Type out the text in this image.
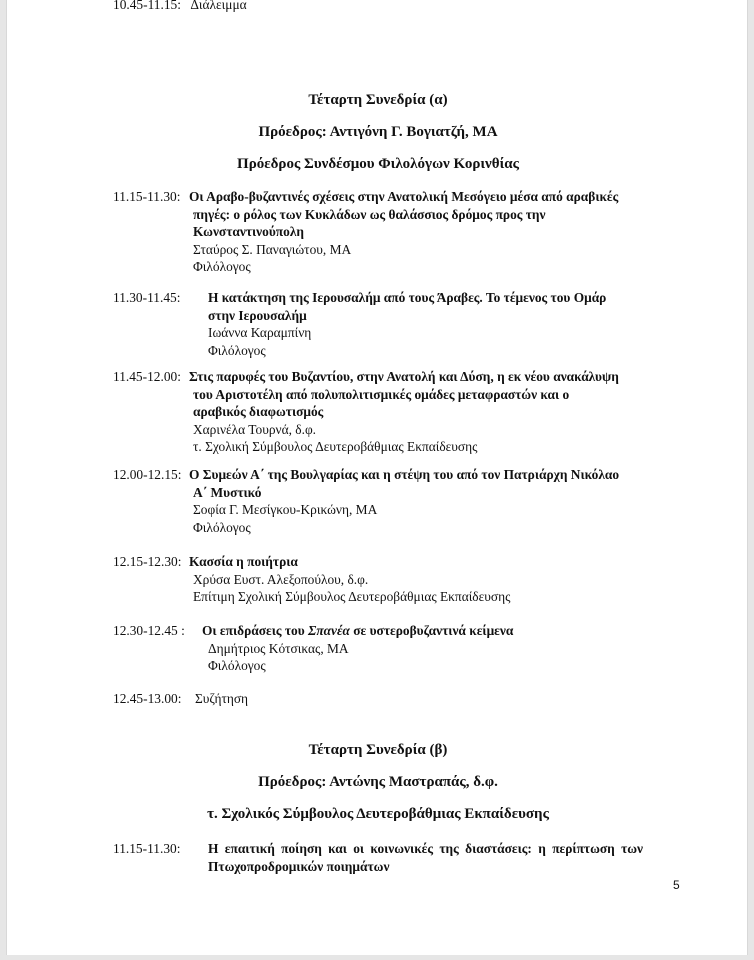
10.45-11.15: Διάλειμμα
Τέταρτη Συνεδρία (α)
Πρόεδρος: Αντιγόνη Γ. Βογιατζή, ΜΑ
Πρόεδρος Συνδέσμου Φιλολόγων Κορινθίας
11.15-11.30: Οι Αραβο-βυζαντινές σχέσεις στην Ανατολική Μεσόγειο μέσα από αραβικές
πηγές: ο ρόλος των Κυκλάδων ως θαλάσσιος δρόμος προς την
Κωνσταντινούπολη
Σταύρος Σ. Παναγιώτου, ΜΑ
Φιλόλογος
11.30-11.45: Η κατάκτηση της Ιερουσαλήμ από τους Άραβες. Το τέμενος του Ομάρ
στην Ιερουσαλήμ
Ιωάννα Καραμπίνη
Φιλόλογος
11.45-12.00: Στις παρυφές του Βυζαντίου, στην Ανατολή και Δύση, η εκ νέου ανακάλυψη
του Αριστοτέλη από πολυπολιτισμικές ομάδες μεταφραστών και ο
αραβικός διαφωτισμός
Χαρινέλα Τουρνά, δ.φ.
τ. Σχολική Σύμβουλος Δευτεροβάθμιας Εκπαίδευσης
12.00-12.15: Ο Συμεών Α΄ της Βουλγαρίας και η στέψη του από τον Πατριάρχη Νικόλαο
Α΄ Μυστικό
Σοφία Γ. Μεσίγκου-Κρικώνη, ΜΑ
Φιλόλογος
12.15-12.30: Κασσία η ποιήτρια
Χρύσα Ευστ. Αλεξοπούλου, δ.φ.
Επίτιμη Σχολική Σύμβουλος Δευτεροβάθμιας Εκπαίδευσης
12.30-12.45 : Οι επιδράσεις του Σπανέα σε υστεροβυζαντινά κείμενα
Δημήτριος Κότσικας, ΜΑ
Φιλόλογος
12.45-13.00: Συζήτηση
Τέταρτη Συνεδρία (β)
Πρόεδρος: Αντώνης Μαστραπάς, δ.φ.
τ. Σχολικός Σύμβουλος Δευτεροβάθμιας Εκπαίδευσης
11.15-11.30: Η επαιτική ποίηση και οι κοινωνικές της διαστάσεις: η περίπτωση των
Πτωχοπροδρομικών ποιημάτων
5
